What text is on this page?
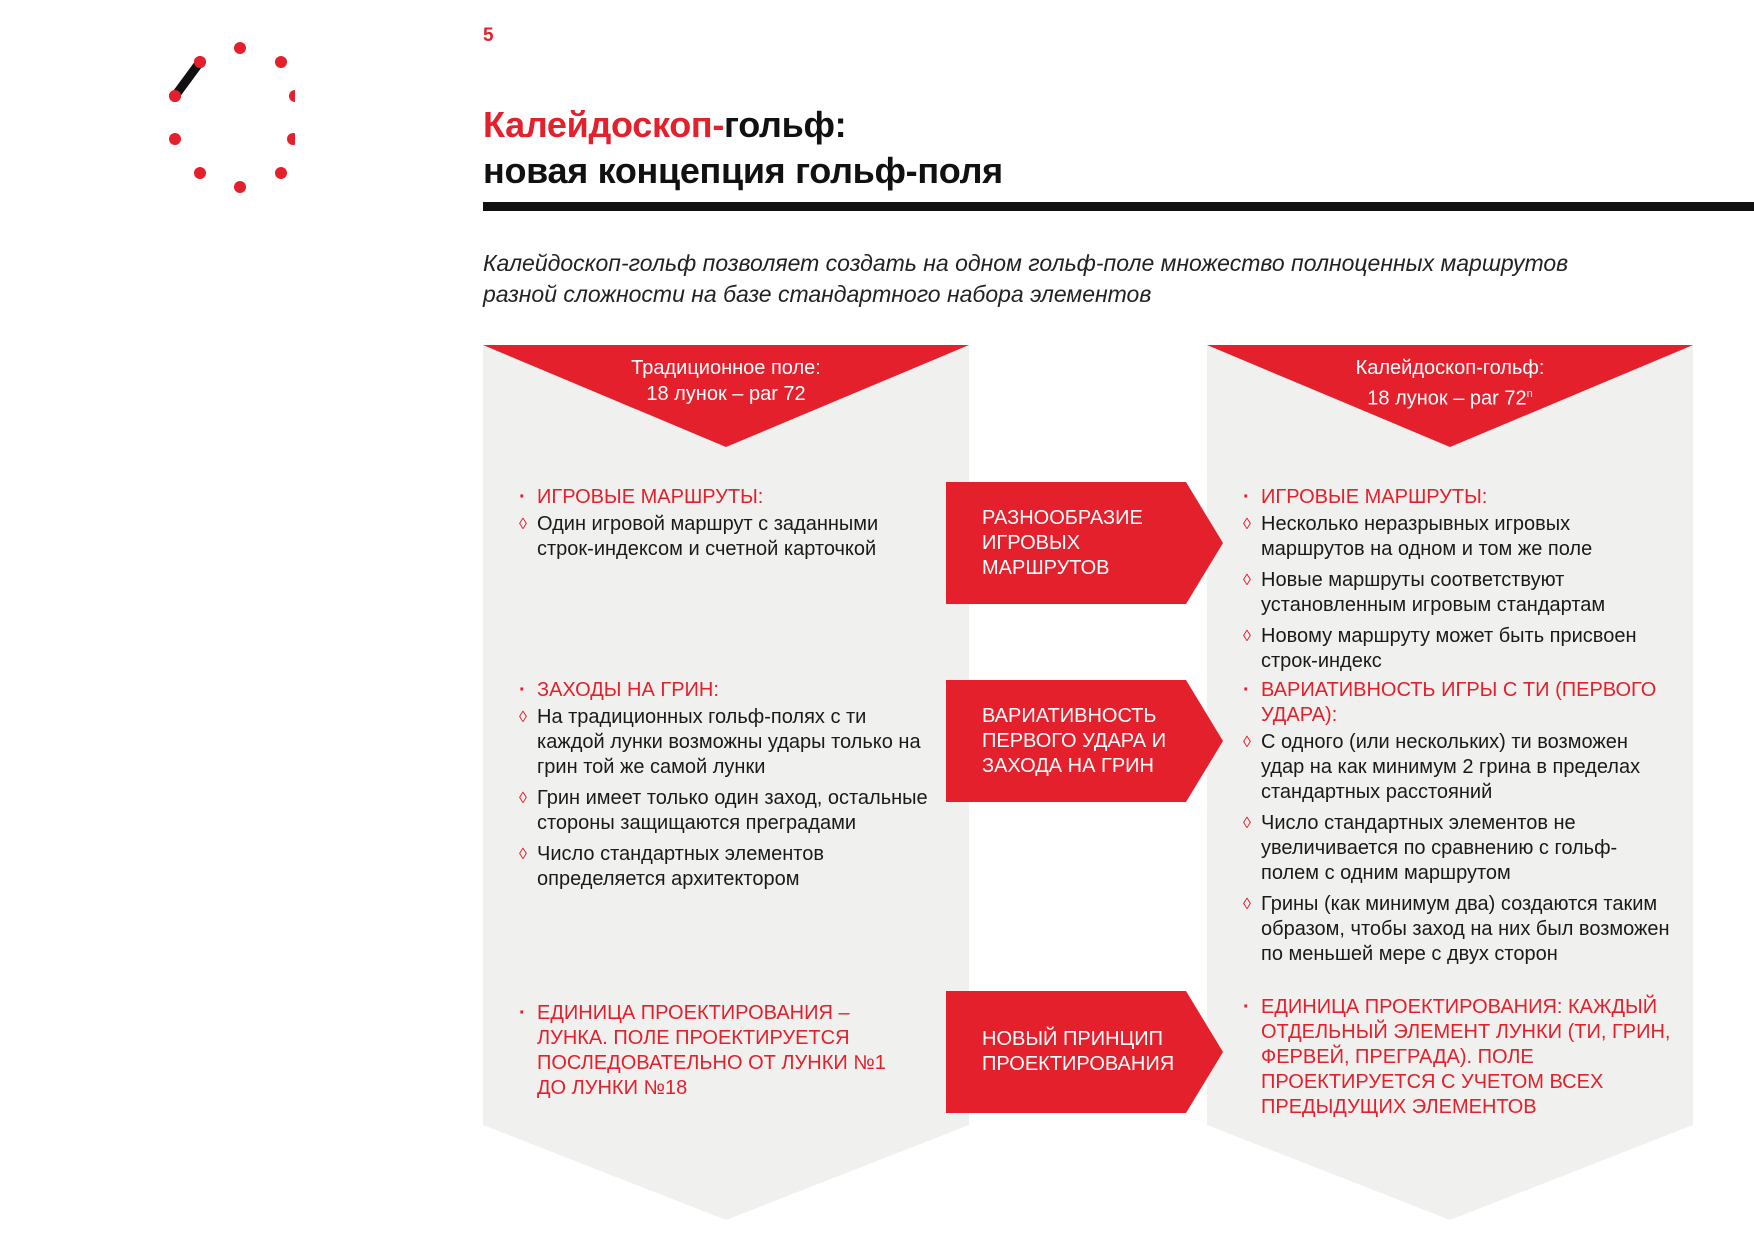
5
Калейдоскоп-гольф:
новая концепция гольф-поля
Калейдоскоп-гольф позволяет создать на одном гольф-поле множество полноценных маршрутов разной сложности на базе стандартного набора элементов
Традиционное поле:
18 лунок – par 72
· ИГРОВЫЕ МАРШРУТЫ:
◊ Один игровой маршрут с заданными строк-индексом и счетной карточкой
· ЗАХОДЫ НА ГРИН:
◊ На традиционных гольф-полях с ти каждой лунки возможны удары только на грин той же самой лунки
◊ Грин имеет только один заход, остальные стороны защищаются преградами
◊ Число стандартных элементов определяется архитектором
· ЕДИНИЦА ПРОЕКТИРОВАНИЯ – ЛУНКА. ПОЛЕ ПРОЕКТИРУЕТСЯ ПОСЛЕДОВАТЕЛЬНО ОТ ЛУНКИ №1 ДО ЛУНКИ №18
Калейдоскоп-гольф:
18 лунок – par $72^n$
· ИГРОВЫЕ МАРШРУТЫ:
◊ Несколько неразрывных игровых маршрутов на одном и том же поле
◊ Новые маршруты соответствуют установленным игровым стандартам
◊ Новому маршруту может быть присвоен строк-индекс
· ВАРИАТИВНОСТЬ ИГРЫ С ТИ (ПЕРВОГО УДАРА):
◊ С одного (или нескольких) ти возможен удар на как минимум 2 грина в пределах стандартных расстояний
◊ Число стандартных элементов не увеличивается по сравнению с гольф-полем с одним маршрутом
◊ Грины (как минимум два) создаются таким образом, чтобы заход на них был возможен по меньшей мере с двух сторон
· ЕДИНИЦА ПРОЕКТИРОВАНИЯ: КАЖДЫЙ ОТДЕЛЬНЫЙ ЭЛЕМЕНТ ЛУНКИ (ТИ, ГРИН, ФЕРВЕЙ, ПРЕГРАДА). ПОЛЕ ПРОЕКТИРУЕТСЯ С УЧЕТОМ ВСЕХ ПРЕДЫДУЩИХ ЭЛЕМЕНТОВ
РАЗНООБРАЗИЕ ИГРОВЫХ МАРШРУТОВ
ВАРИАТИВНОСТЬ ПЕРВОГО УДАРА И ЗАХОДА НА ГРИН
НОВЫЙ ПРИНЦИП ПРОЕКТИРОВАНИЯ
